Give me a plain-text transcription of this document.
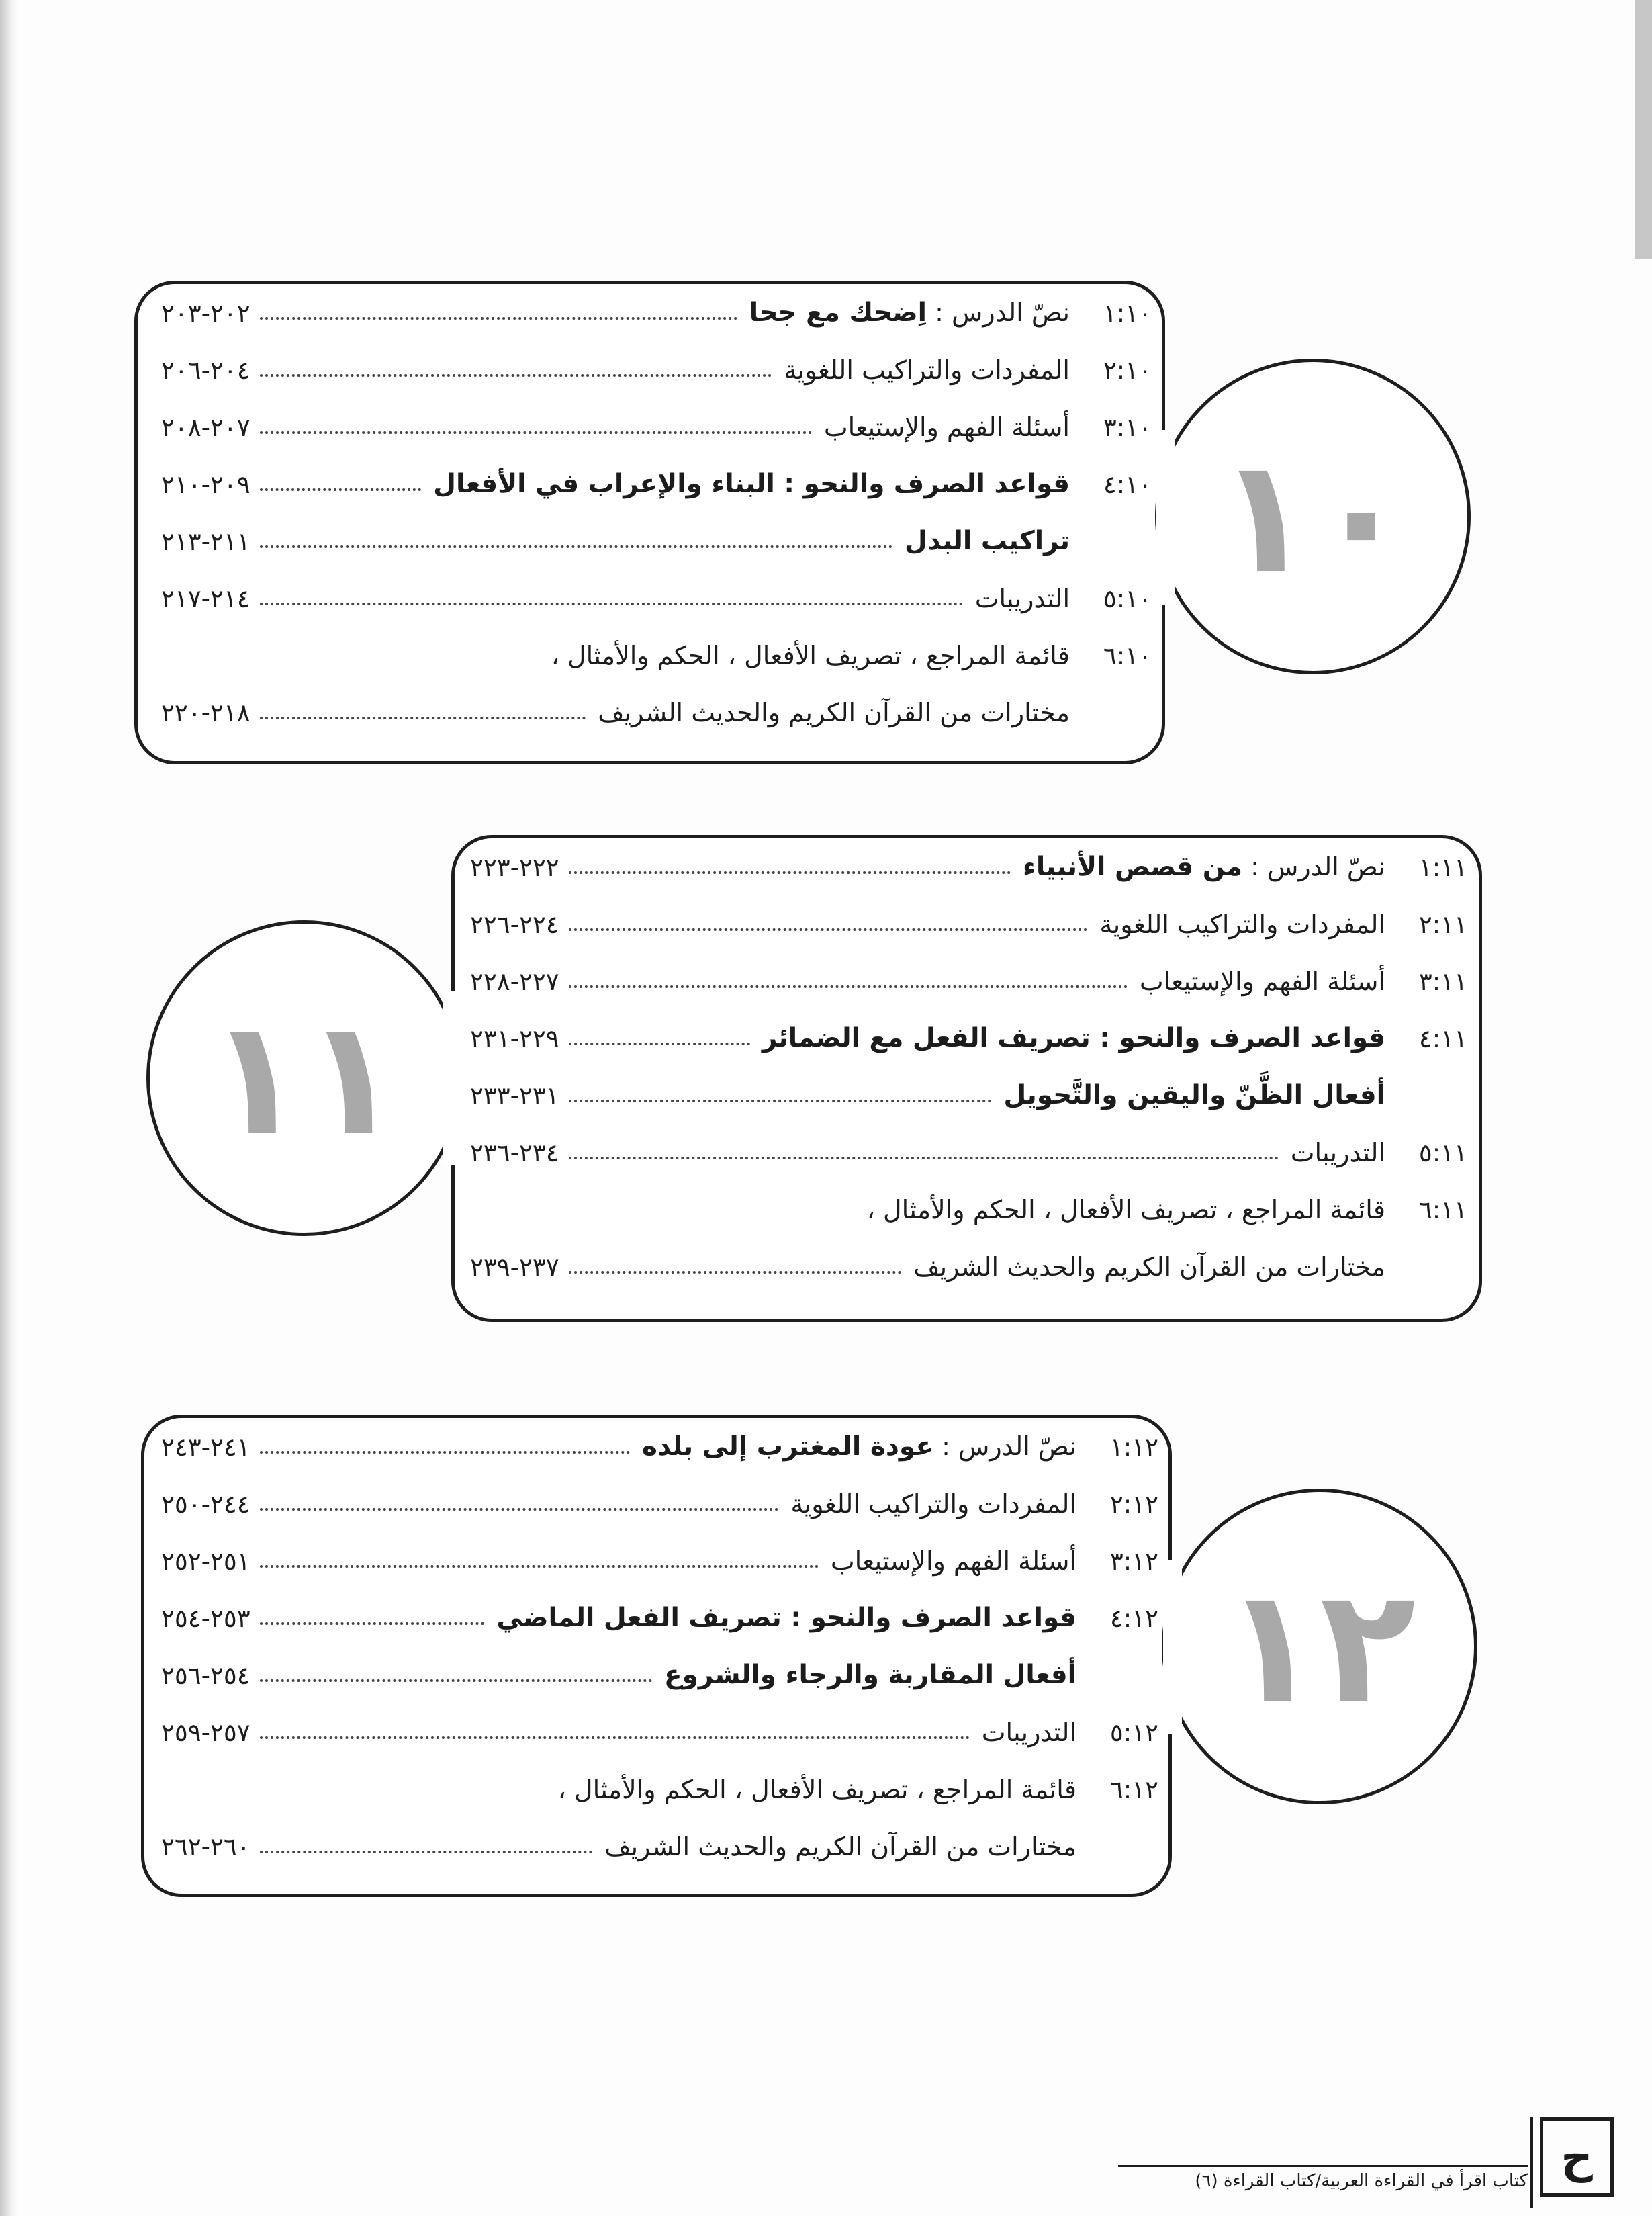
١٠
١:١٠
نصّ الدرس : اِضحك مع جحا
٢٠٢-٢٠٣
٢:١٠
المفردات والتراكيب اللغوية
٢٠٤-٢٠٦
٣:١٠
أسئلة الفهم والإستيعاب
٢٠٧-٢٠٨
٤:١٠
قواعد الصرف والنحو : البناء والإعراب في الأفعال
٢٠٩-٢١٠
تراكيب البدل
٢١١-٢١٣
٥:١٠
التدريبات
٢١٤-٢١٧
٦:١٠
قائمة المراجع ، تصريف الأفعال ، الحكم والأمثال ،
مختارات من القرآن الكريم والحديث الشريف
٢١٨-٢٢٠
١١
١:١١
نصّ الدرس : من قصص الأنبياء
٢٢٢-٢٢٣
٢:١١
المفردات والتراكيب اللغوية
٢٢٤-٢٢٦
٣:١١
أسئلة الفهم والإستيعاب
٢٢٧-٢٢٨
٤:١١
قواعد الصرف والنحو : تصريف الفعل مع الضمائر
٢٢٩-٢٣١
أفعال الظَّنّ واليقين والتَّحويل
٢٣١-٢٣٣
٥:١١
التدريبات
٢٣٤-٢٣٦
٦:١١
قائمة المراجع ، تصريف الأفعال ، الحكم والأمثال ،
مختارات من القرآن الكريم والحديث الشريف
٢٣٧-٢٣٩
١٢
١:١٢
نصّ الدرس : عودة المغترب إلى بلده
٢٤١-٢٤٣
٢:١٢
المفردات والتراكيب اللغوية
٢٤٤-٢٥٠
٣:١٢
أسئلة الفهم والإستيعاب
٢٥١-٢٥٢
٤:١٢
قواعد الصرف والنحو : تصريف الفعل الماضي
٢٥٣-٢٥٤
أفعال المقاربة والرجاء والشروع
٢٥٤-٢٥٦
٥:١٢
التدريبات
٢٥٧-٢٥٩
٦:١٢
قائمة المراجع ، تصريف الأفعال ، الحكم والأمثال ،
مختارات من القرآن الكريم والحديث الشريف
٢٦٠-٢٦٢
كتاب اقرأ في القراءة العربية/كتاب القراءة (٦) ح
